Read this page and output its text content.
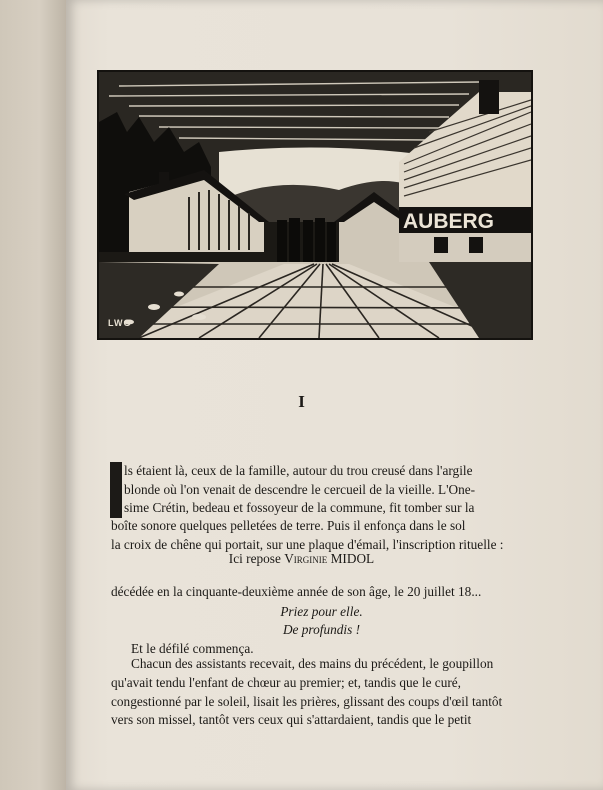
AUBERG
LWG
I
ls étaient là, ceux de la famille, autour du trou creusé dans l'argile
blonde où l'on venait de descendre le cercueil de la vieille. L'One-
sime Crétin, bedeau et fossoyeur de la commune, fit tomber sur la
boîte sonore quelques pelletées de terre. Puis il enfonça dans le sol
la croix de chêne qui portait, sur une plaque d'émail, l'inscription rituelle :
Ici repose Virginie MIDOL
décédée en la cinquante-deuxième année de son âge, le 20 juillet 18...
Priez pour elle.
De profundis !
Et le défilé commença.
Chacun des assistants recevait, des mains du précédent, le goupillon
qu'avait tendu l'enfant de chœur au premier; et, tandis que le curé,
congestionné par le soleil, lisait les prières, glissant des coups d'œil tantôt
vers son missel, tantôt vers ceux qui s'attardaient, tandis que le petit
